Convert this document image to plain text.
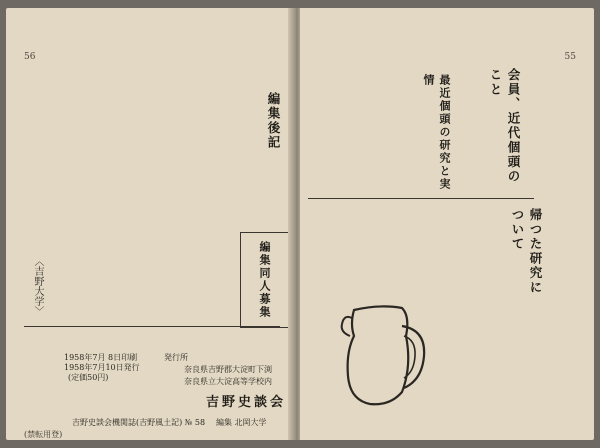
56
〈吉野大学〉
編集後記
編集同人募集
1958年7月 8日印刷
1958年7月10日発行
(定価50円)
発行所
奈良県吉野郡大淀町下渕
奈良県立大淀高等学校内
吉野史談会
吉野史談会機関誌(吉野風土記) № 58 編集 北岡大学
(禁転用登)
55
会員、近代個頭のこと
最近個頭の研究と実情
帰つた研究について
